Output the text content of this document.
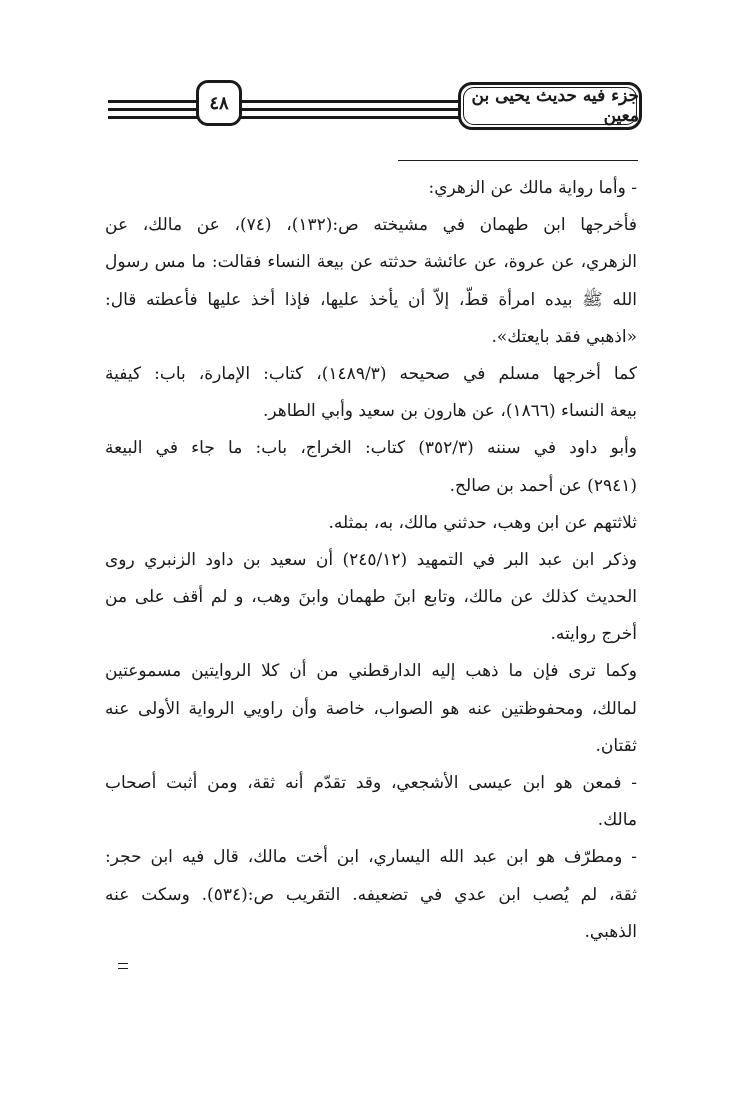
٤٨	جزء فيه حديث يحيى بن معين
- وأما رواية مالك عن الزهري:
فأخرجها ابن طهمان في مشيخته ص:(١٣٢)، (٧٤)، عن مالك، عن
الزهري، عن عروة، عن عائشة حدثته عن بيعة النساء فقالت: ما مس رسول
الله ﷺ بيده امرأة قطّ، إلاّ أن يأخذ عليها، فإذا أخذ عليها فأعطته قال:
«اذهبي فقد بايعتك».
كما أخرجها مسلم في صحيحه (١٤٨٩/٣)، كتاب: الإمارة، باب: كيفية
بيعة النساء (١٨٦٦)، عن هارون بن سعيد وأبي الطاهر.
وأبو داود في سننه (٣٥٢/٣) كتاب: الخراج، باب: ما جاء في البيعة
(٢٩٤١) عن أحمد بن صالح.
ثلاثتهم عن ابن وهب، حدثني مالك، به، بمثله.
وذكر ابن عبد البر في التمهيد (٢٤٥/١٢) أن سعيد بن داود الزنبري روى
الحديث كذلك عن مالك، وتابع ابنَ طهمان وابنَ وهب، و لم أقف على من
أخرج روايته.
وكما ترى فإن ما ذهب إليه الدارقطني من أن كلا الروايتين مسموعتين
لمالك، ومحفوظتين عنه هو الصواب، خاصة وأن راويي الرواية الأولى عنه
ثقتان.
- فمعن هو ابن عيسى الأشجعي، وقد تقدّم أنه ثقة، ومن أثبت أصحاب
مالك.
- ومطرّف هو ابن عبد الله اليساري، ابن أخت مالك، قال فيه ابن حجر:
ثقة، لم يُصب ابن عدي في تضعيفه. التقريب ص:(٥٣٤). وسكت عنه
الذهبي.
